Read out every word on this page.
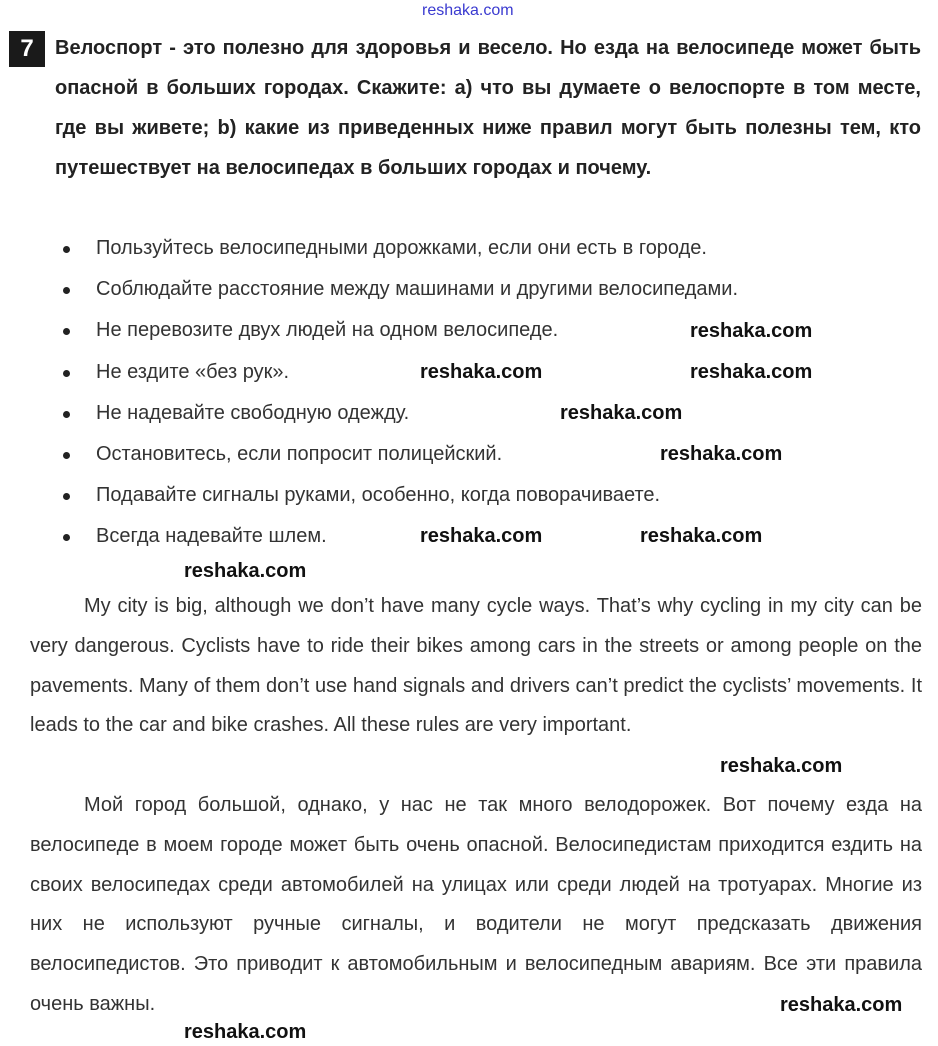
reshaka.com
7	Велоспорт - это полезно для здоровья и весело. Но езда на велосипеде может быть опасной в больших городах. Скажите: a) что вы думаете о велоспорте в том месте, где вы живете; b) какие из приведенных ниже правил могут быть полезны тем, кто путешествует на велосипедах в больших городах и почему.
Пользуйтесь велосипедными дорожками, если они есть в городе.
Соблюдайте расстояние между машинами и другими велосипедами.
Не перевозите двух людей на одном велосипеде.
Не ездите «без рук».
Не надевайте свободную одежду.
Остановитесь, если попросит полицейский.
Подавайте сигналы руками, особенно, когда поворачиваете.
Всегда надевайте шлем.

My city is big, although we don’t have many cycle ways. That’s why cycling in my city can be very dangerous. Cyclists have to ride their bikes among cars in the streets or among people on the pavements. Many of them don’t use hand signals and drivers can’t predict the cyclists’ movements. It leads to the car and bike crashes. All these rules are very important.

Мой город большой, однако, у нас не так много велодорожек. Вот почему езда на велосипеде в моем городе может быть очень опасной. Велосипедистам приходится ездить на своих велосипедах среди автомобилей на улицах или среди людей на тротуарах. Многие из них не используют ручные сигналы, и водители не могут предсказать движения велосипедистов. Это приводит к автомобильным и велосипедным авариям. Все эти правила очень важны.

reshaka.com
reshaka.com	reshaka.com
reshaka.com
reshaka.com
reshaka.com	reshaka.com
reshaka.com
reshaka.com
reshaka.com
reshaka.com
